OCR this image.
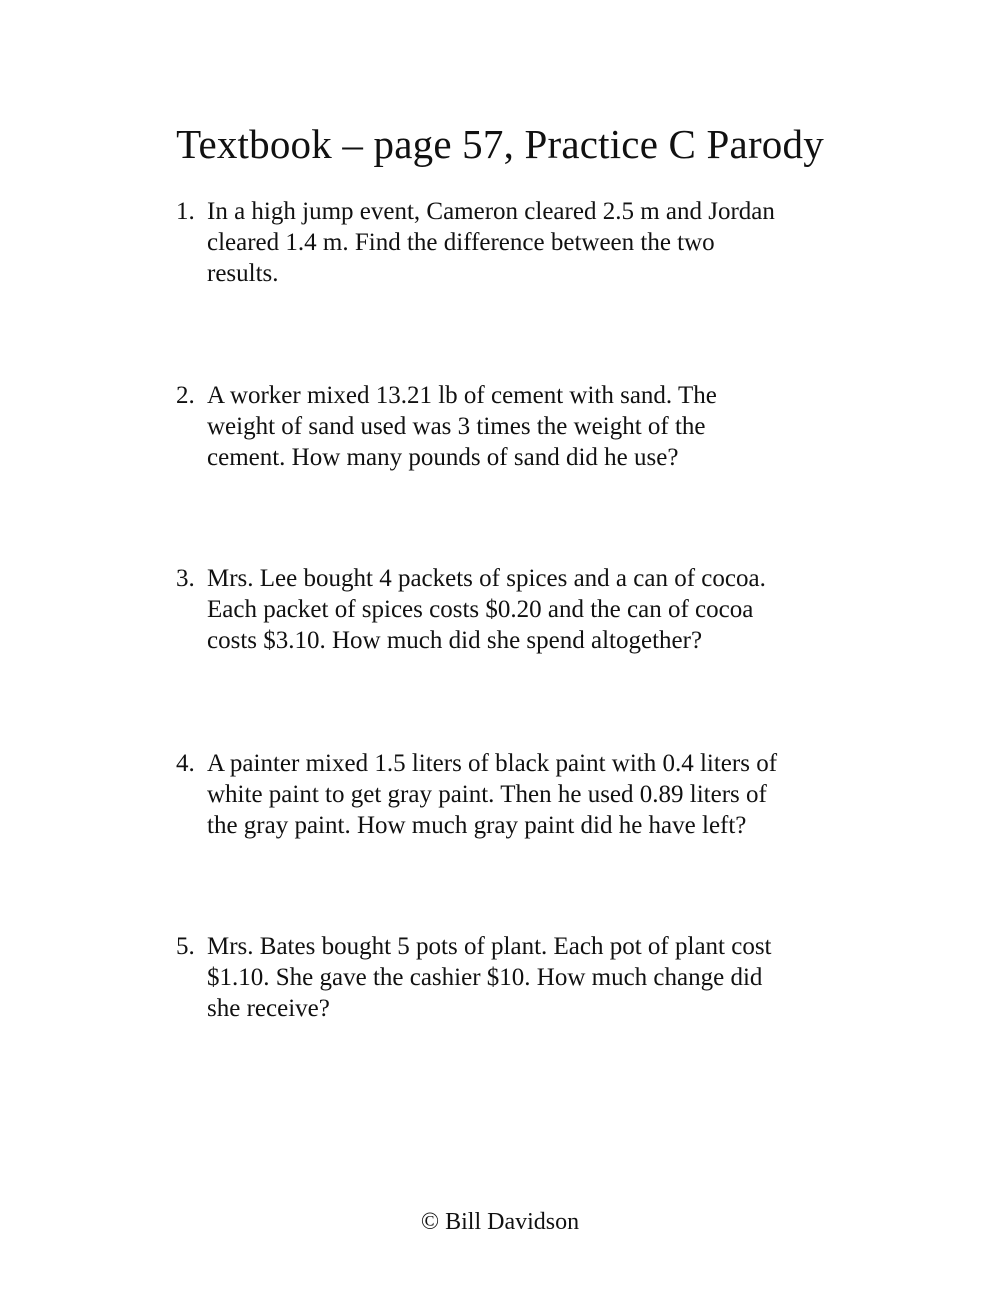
Textbook – page 57, Practice C Parody
1. In a high jump event, Cameron cleared 2.5 m and Jordan
cleared 1.4 m. Find the difference between the two
results.
2. A worker mixed 13.21 lb of cement with sand. The
weight of sand used was 3 times the weight of the
cement. How many pounds of sand did he use?
3. Mrs. Lee bought 4 packets of spices and a can of cocoa.
Each packet of spices costs $0.20 and the can of cocoa
costs $3.10. How much did she spend altogether?
4. A painter mixed 1.5 liters of black paint with 0.4 liters of
white paint to get gray paint. Then he used 0.89 liters of
the gray paint. How much gray paint did he have left?
5. Mrs. Bates bought 5 pots of plant. Each pot of plant cost
$1.10. She gave the cashier $10. How much change did
she receive?
© Bill Davidson
